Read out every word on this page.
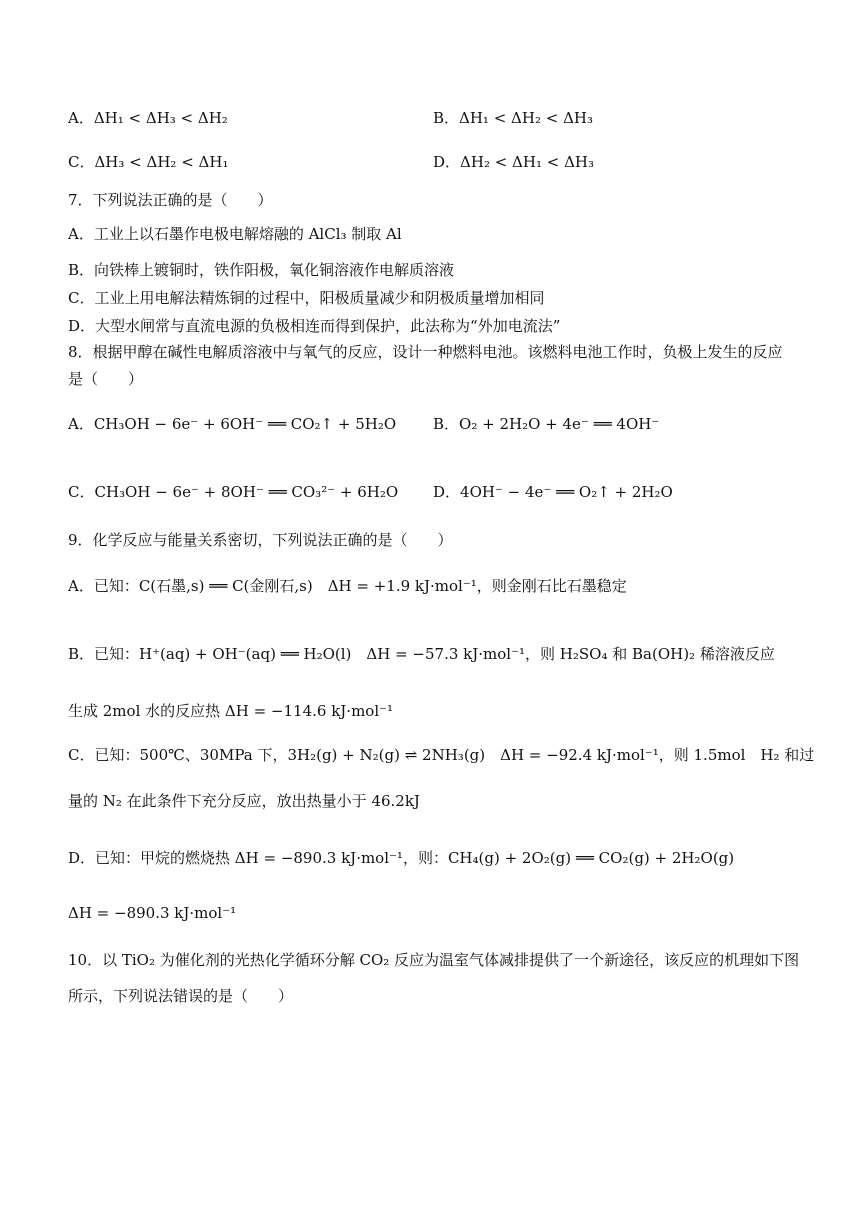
A．ΔH₁ < ΔH₃ < ΔH₂	B．ΔH₁ < ΔH₂ < ΔH₃
C．ΔH₃ < ΔH₂ < ΔH₁	D．ΔH₂ < ΔH₁ < ΔH₃
7．下列说法正确的是（　　）
A．工业上以石墨作电极电解熔融的 AlCl₃ 制取 Al
B．向铁棒上镀铜时，铁作阳极，氧化铜溶液作电解质溶液
C．工业上用电解法精炼铜的过程中，阳极质量减少和阴极质量增加相同
D．大型水闸常与直流电源的负极相连而得到保护，此法称为“外加电流法”
8．根据甲醇在碱性电解质溶液中与氧气的反应，设计一种燃料电池。该燃料电池工作时，负极上发生的反应
是（　　）
A．CH₃OH − 6e⁻ + 6OH⁻ ══ CO₂↑ + 5H₂O B．O₂ + 2H₂O + 4e⁻ ══ 4OH⁻
C．CH₃OH − 6e⁻ + 8OH⁻ ══ CO₃²⁻ + 6H₂O D．4OH⁻ − 4e⁻ ══ O₂↑ + 2H₂O
9．化学反应与能量关系密切，下列说法正确的是（　　）
A．已知：C(石墨,s) ══ C(金刚石,s)　ΔH = +1.9 kJ·mol⁻¹，则金刚石比石墨稳定
B．已知：H⁺(aq) + OH⁻(aq) ══ H₂O(l)　ΔH = −57.3 kJ·mol⁻¹，则 H₂SO₄ 和 Ba(OH)₂ 稀溶液反应
生成 2mol 水的反应热 ΔH = −114.6 kJ·mol⁻¹
C．已知：500℃、30MPa 下，3H₂(g) + N₂(g) ⇌ 2NH₃(g)　ΔH = −92.4 kJ·mol⁻¹，则 1.5mol　H₂ 和过
量的 N₂ 在此条件下充分反应，放出热量小于 46.2kJ
D．已知：甲烷的燃烧热 ΔH = −890.3 kJ·mol⁻¹，则：CH₄(g) + 2O₂(g) ══ CO₂(g) + 2H₂O(g)
ΔH = −890.3 kJ·mol⁻¹
10．以 TiO₂ 为催化剂的光热化学循环分解 CO₂ 反应为温室气体减排提供了一个新途径，该反应的机理如下图
所示，下列说法错误的是（　　）
